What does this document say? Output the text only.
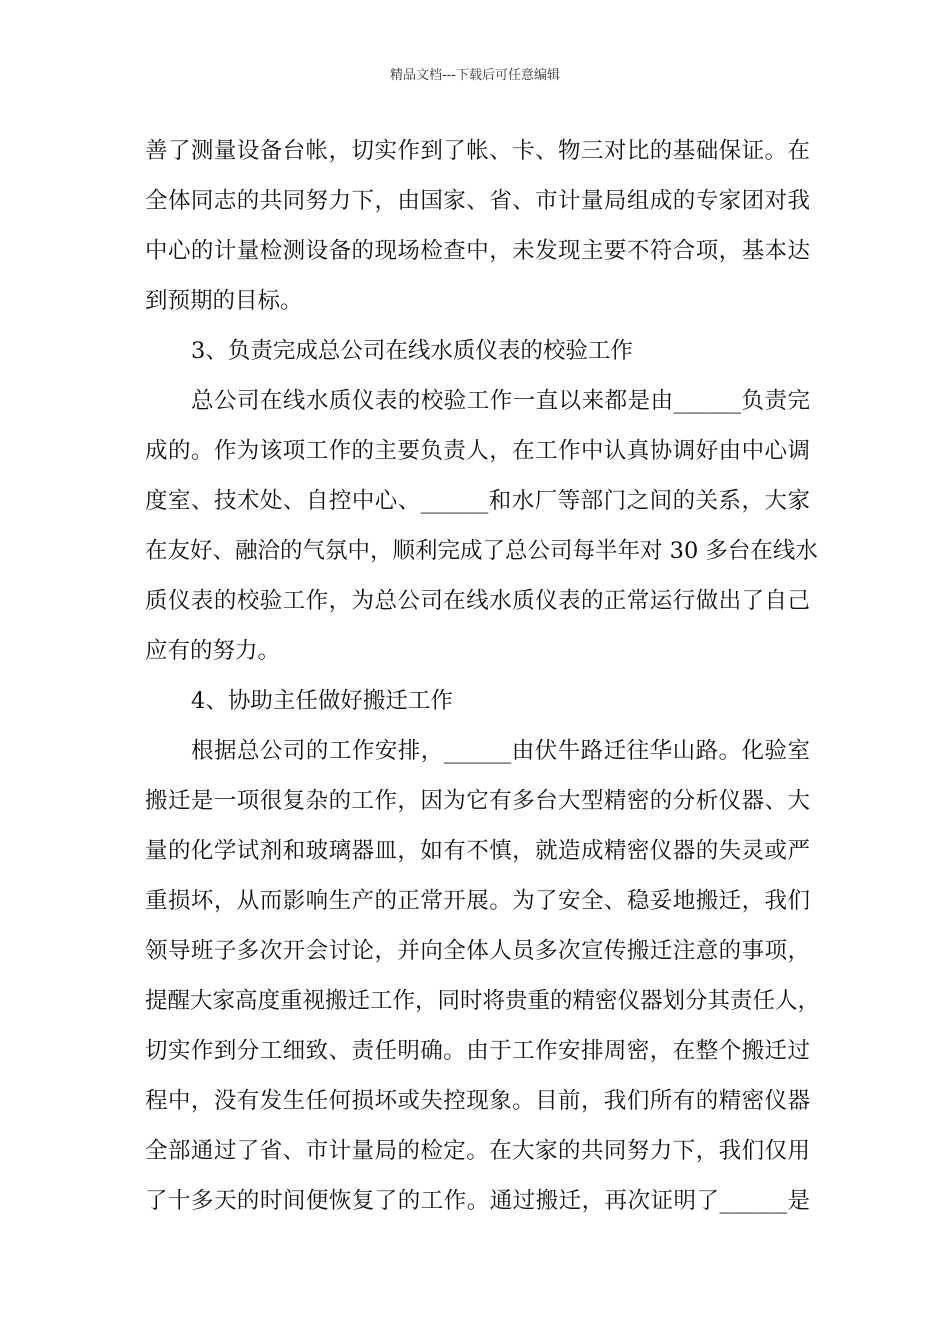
精品文档---下载后可任意编辑
善了测量设备台帐，切实作到了帐、卡、物三对比的基础保证。在
全体同志的共同努力下，由国家、省、市计量局组成的专家团对我
中心的计量检测设备的现场检查中，未发现主要不符合项，基本达
到预期的目标。
3、负责完成总公司在线水质仪表的校验工作
总公司在线水质仪表的校验工作一直以来都是由______负责完
成的。作为该项工作的主要负责人，在工作中认真协调好由中心调
度室、技术处、自控中心、______和水厂等部门之间的关系，大家
在友好、融洽的气氛中，顺利完成了总公司每半年对 30 多台在线水
质仪表的校验工作，为总公司在线水质仪表的正常运行做出了自己
应有的努力。
4、协助主任做好搬迁工作
根据总公司的工作安排，______由伏牛路迁往华山路。化验室
搬迁是一项很复杂的工作，因为它有多台大型精密的分析仪器、大
量的化学试剂和玻璃器皿，如有不慎，就造成精密仪器的失灵或严
重损坏，从而影响生产的正常开展。为了安全、稳妥地搬迁，我们
领导班子多次开会讨论，并向全体人员多次宣传搬迁注意的事项，
提醒大家高度重视搬迁工作，同时将贵重的精密仪器划分其责任人，
切实作到分工细致、责任明确。由于工作安排周密，在整个搬迁过
程中，没有发生任何损坏或失控现象。目前，我们所有的精密仪器
全部通过了省、市计量局的检定。在大家的共同努力下，我们仅用
了十多天的时间便恢复了的工作。通过搬迁，再次证明了______是
